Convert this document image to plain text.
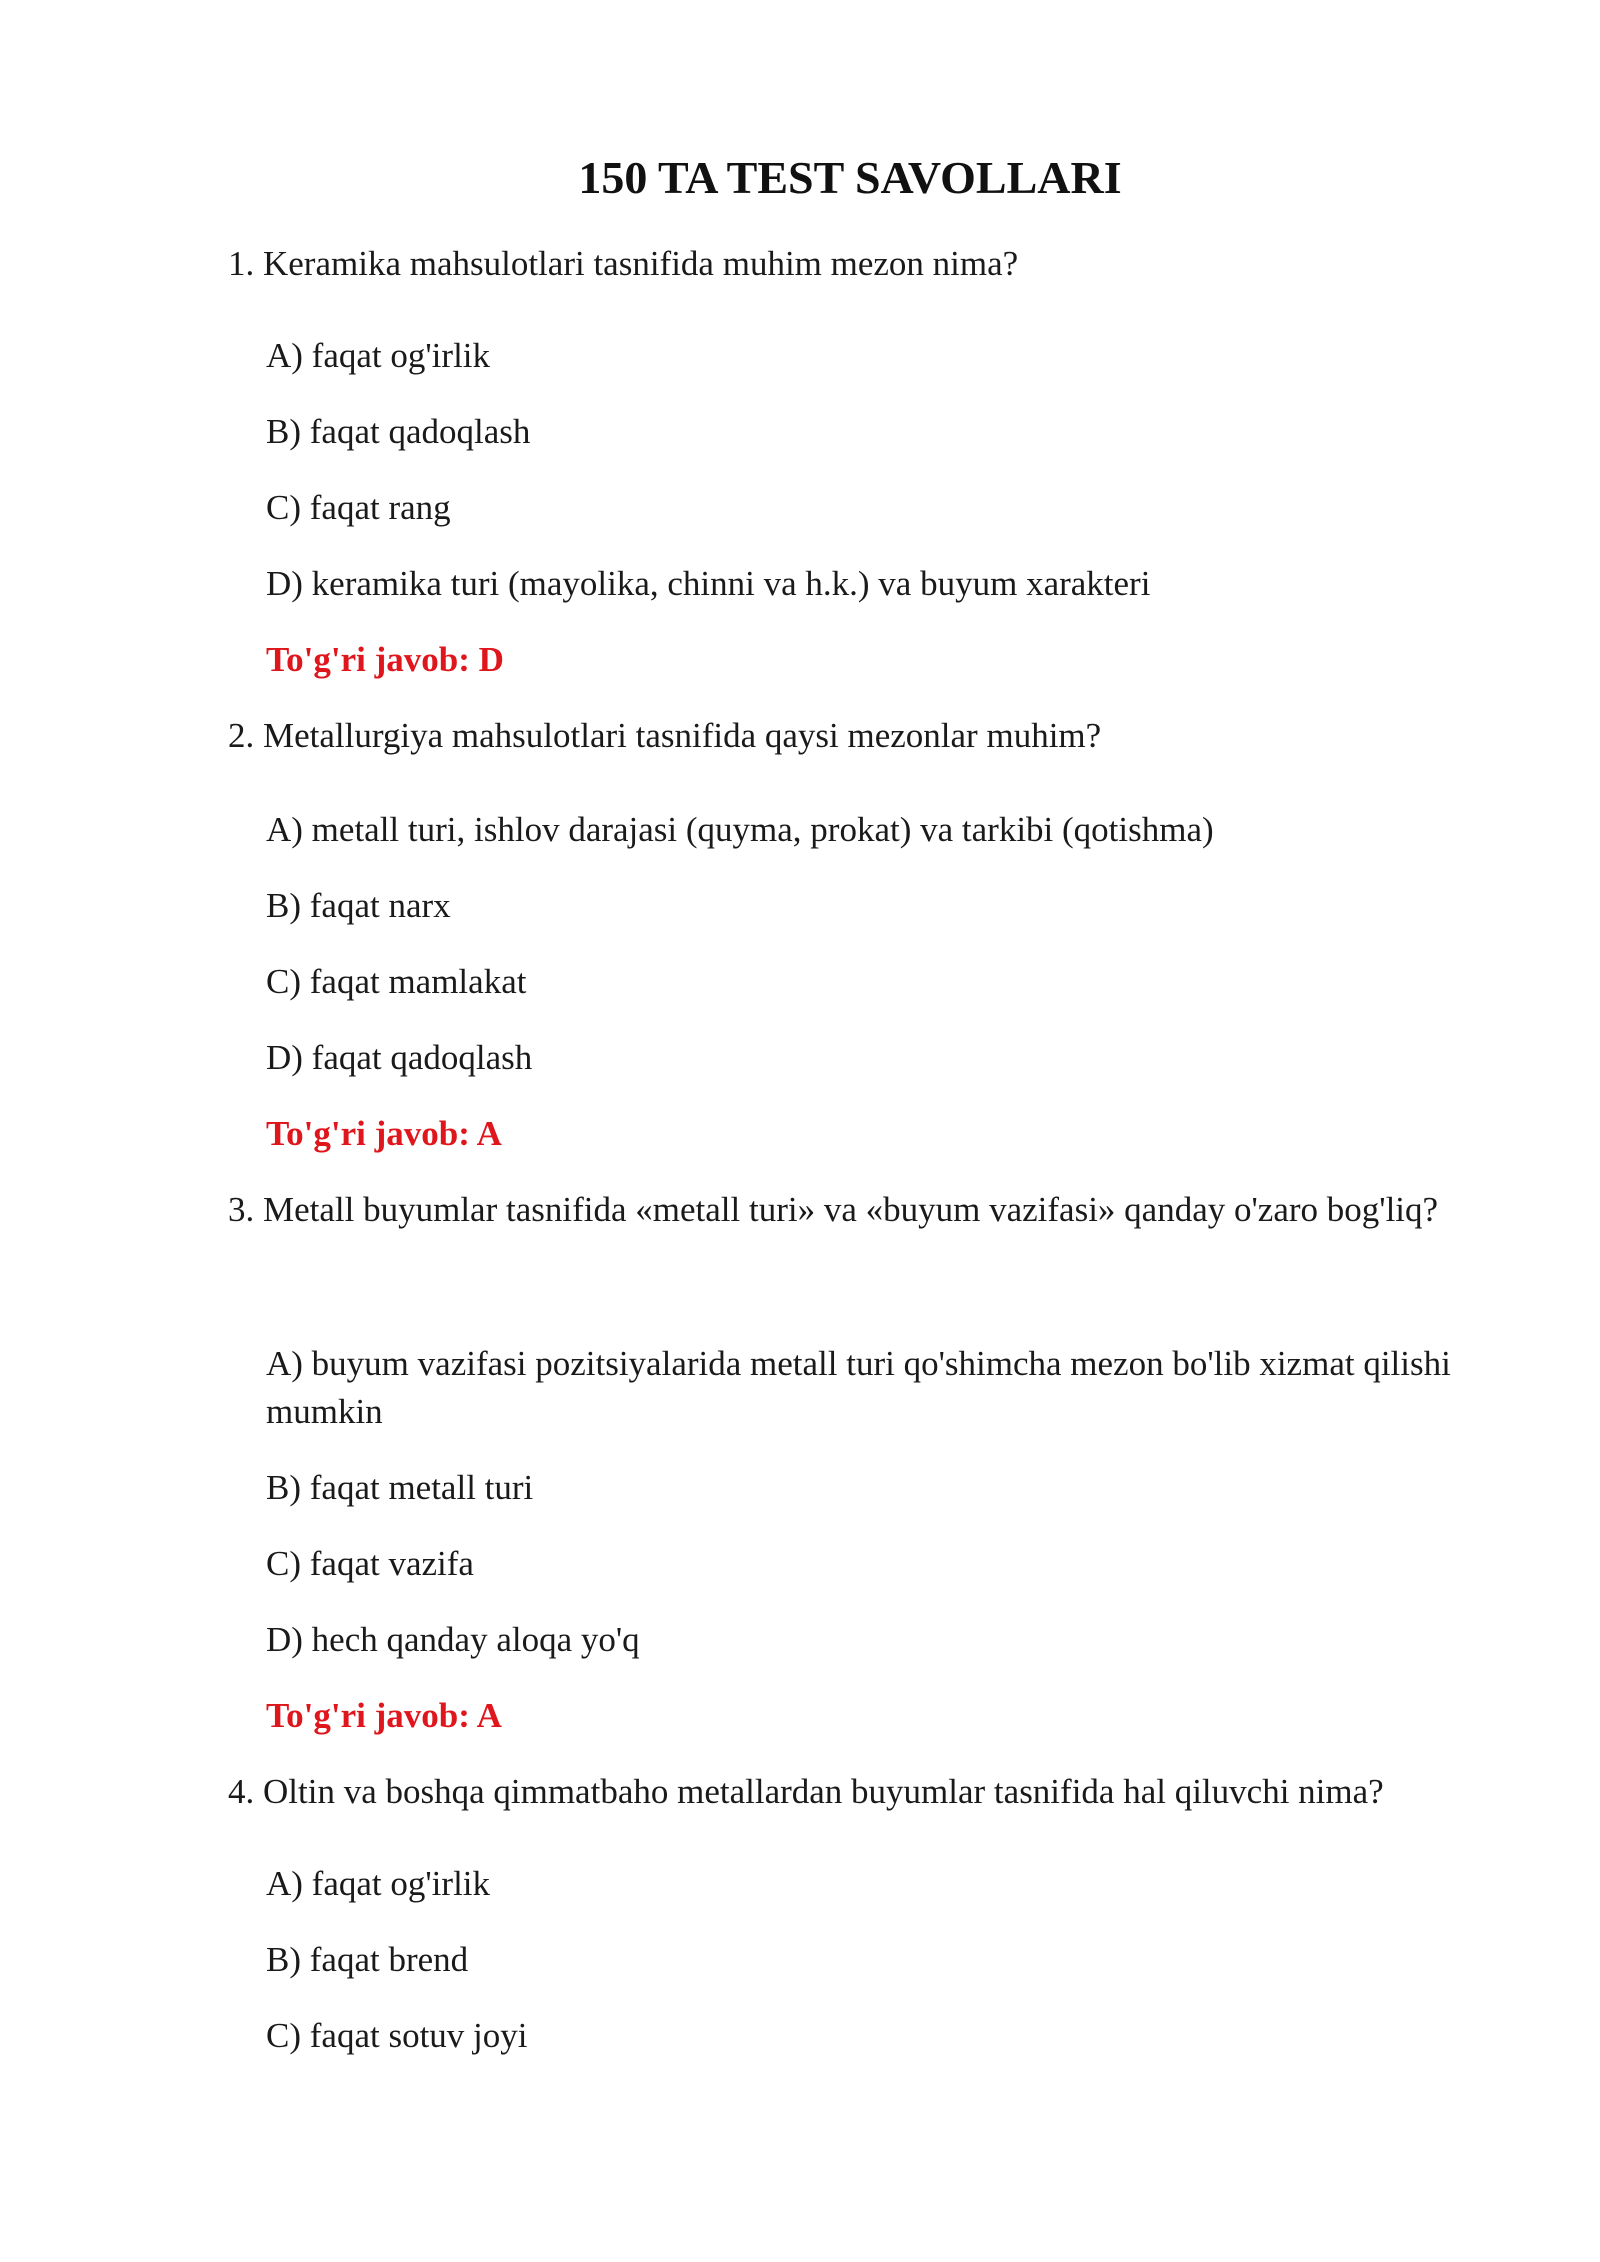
150 TA TEST SAVOLLARI
1. Keramika mahsulotlari tasnifida muhim mezon nima?
A) faqat og'irlik
B) faqat qadoqlash
C) faqat rang
D) keramika turi (mayolika, chinni va h.k.) va buyum xarakteri
To'g'ri javob: D
2. Metallurgiya mahsulotlari tasnifida qaysi mezonlar muhim?
A) metall turi, ishlov darajasi (quyma, prokat) va tarkibi (qotishma)
B) faqat narx
C) faqat mamlakat
D) faqat qadoqlash
To'g'ri javob: A
3. Metall buyumlar tasnifida «metall turi» va «buyum vazifasi» qanday o'zaro bog'liq?
A) buyum vazifasi pozitsiyalarida metall turi qo'shimcha mezon bo'lib xizmat qilishi mumkin
B) faqat metall turi
C) faqat vazifa
D) hech qanday aloqa yo'q
To'g'ri javob: A
4. Oltin va boshqa qimmatbaho metallardan buyumlar tasnifida hal qiluvchi nima?
A) faqat og'irlik
B) faqat brend
C) faqat sotuv joyi
